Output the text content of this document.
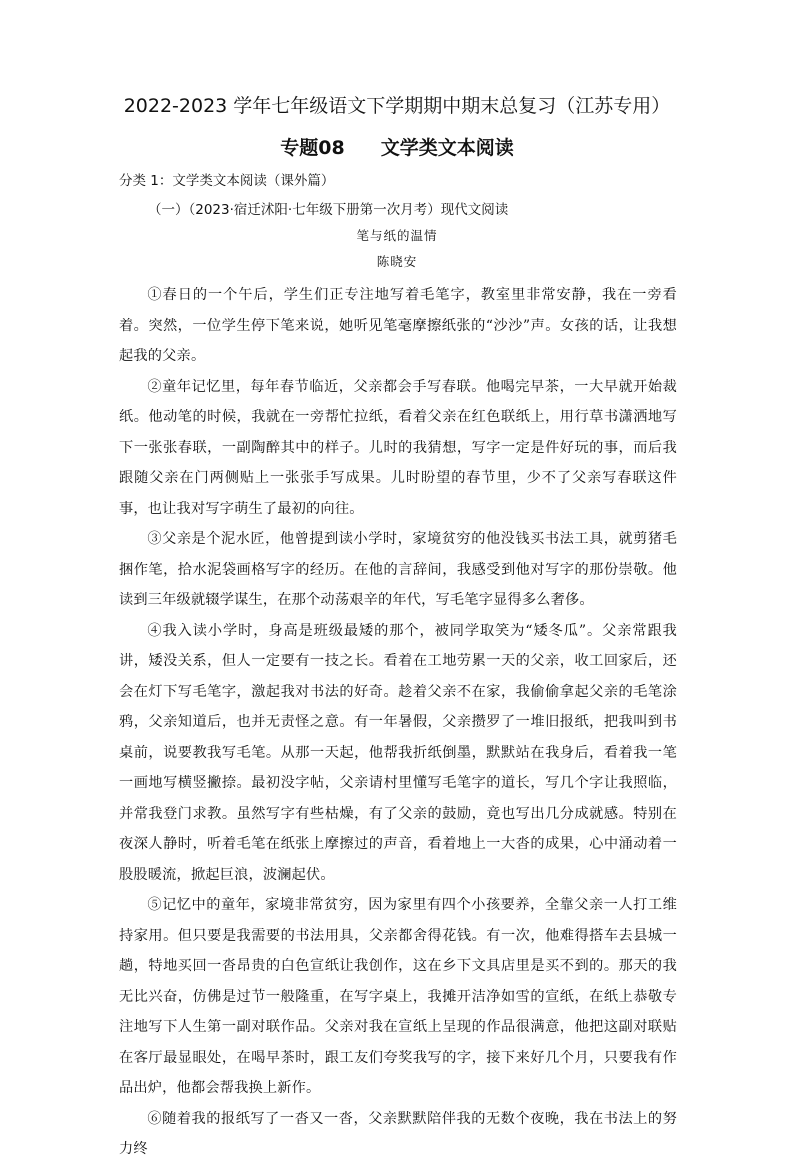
2022-2023 学年七年级语文下学期期中期末总复习（江苏专用）
专题08 文学类文本阅读
分类 1：文学类文本阅读（课外篇）
（一）（2023·宿迁沭阳·七年级下册第一次月考）现代文阅读
笔与纸的温情
陈晓安

①春日的一个午后，学生们正专注地写着毛笔字，教室里非常安静，我在一旁看着。突然，一位学生停下笔来说，她听见笔毫摩擦纸张的“沙沙”声。女孩的话，让我想起我的父亲。

②童年记忆里，每年春节临近，父亲都会手写春联。他喝完早茶，一大早就开始裁纸。他动笔的时候，我就在一旁帮忙拉纸，看着父亲在红色联纸上，用行草书潇洒地写下一张张春联，一副陶醉其中的样子。儿时的我猜想，写字一定是件好玩的事，而后我跟随父亲在门两侧贴上一张张手写成果。儿时盼望的春节里，少不了父亲写春联这件事，也让我对写字萌生了最初的向往。

③父亲是个泥水匠，他曾提到读小学时，家境贫穷的他没钱买书法工具，就剪猪毛捆作笔，拾水泥袋画格写字的经历。在他的言辞间，我感受到他对写字的那份崇敬。他读到三年级就辍学谋生，在那个动荡艰辛的年代，写毛笔字显得多么奢侈。

④我入读小学时，身高是班级最矮的那个，被同学取笑为“矮冬瓜”。父亲常跟我讲，矮没关系，但人一定要有一技之长。看着在工地劳累一天的父亲，收工回家后，还会在灯下写毛笔字，激起我对书法的好奇。趁着父亲不在家，我偷偷拿起父亲的毛笔涂鸦，父亲知道后，也并无责怪之意。有一年暑假，父亲攒罗了一堆旧报纸，把我叫到书桌前，说要教我写毛笔。从那一天起，他帮我折纸倒墨，默默站在我身后，看着我一笔一画地写横竖撇捺。最初没字帖，父亲请村里懂写毛笔字的道长，写几个字让我照临，并常我登门求教。虽然写字有些枯燥，有了父亲的鼓励，竟也写出几分成就感。特别在夜深人静时，听着毛笔在纸张上摩擦过的声音，看着地上一大沓的成果，心中涌动着一股股暖流，掀起巨浪，波澜起伏。

⑤记忆中的童年，家境非常贫穷，因为家里有四个小孩要养，全靠父亲一人打工维持家用。但只要是我需要的书法用具，父亲都舍得花钱。有一次，他难得搭车去县城一趟，特地买回一沓昂贵的白色宣纸让我创作，这在乡下文具店里是买不到的。那天的我无比兴奋，仿佛是过节一般隆重，在写字桌上，我摊开洁净如雪的宣纸，在纸上恭敬专注地写下人生第一副对联作品。父亲对我在宣纸上呈现的作品很满意，他把这副对联贴在客厅最显眼处，在喝早茶时，跟工友们夸奖我写的字，接下来好几个月，只要我有作品出炉，他都会帮我换上新作。

⑥随着我的报纸写了一沓又一沓，父亲默默陪伴我的无数个夜晚，我在书法上的努力终
